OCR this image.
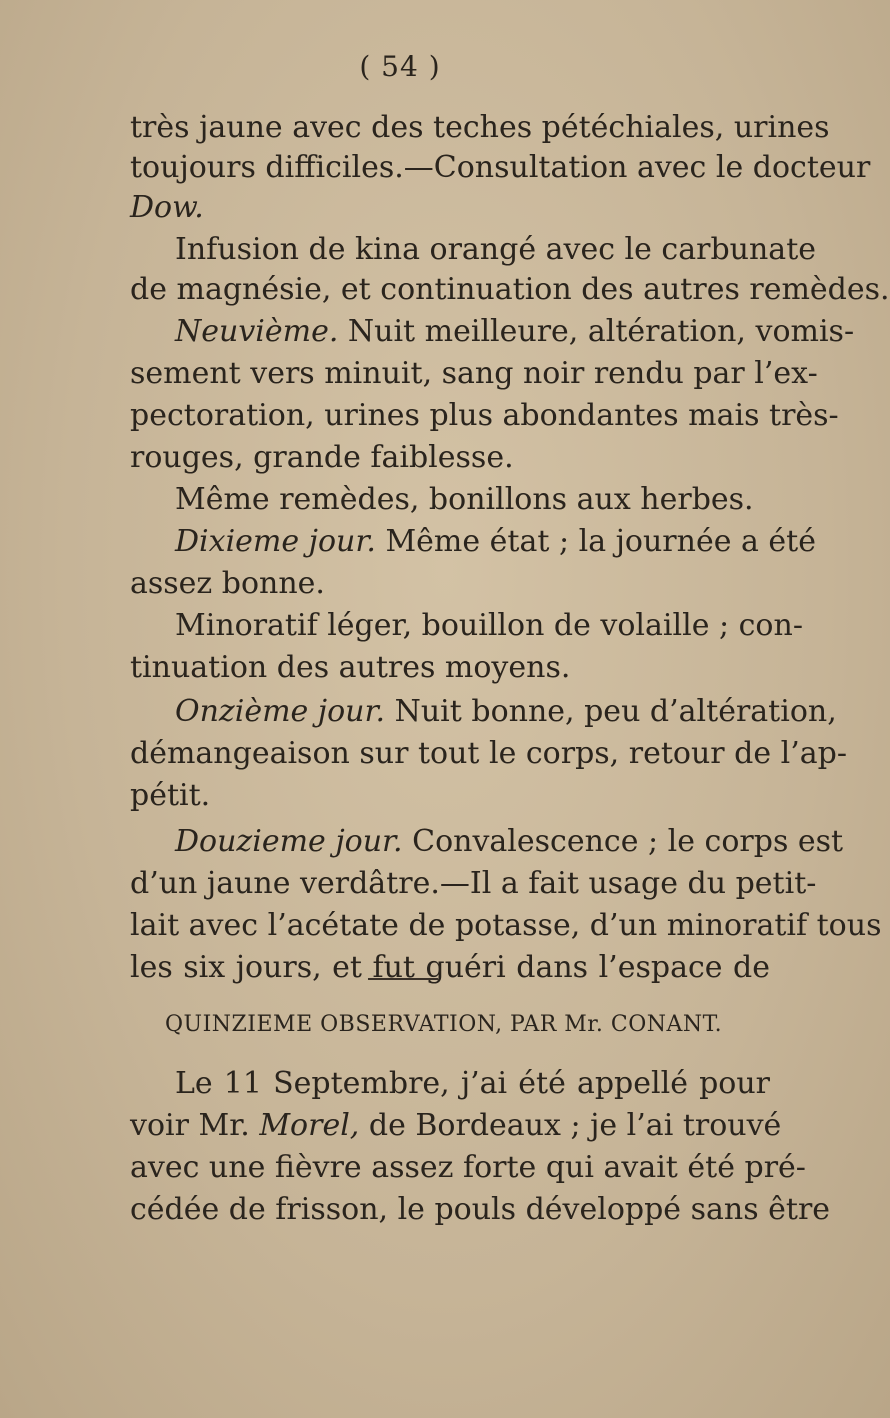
( 54 )
très jaune avec des teches pétéchiales, urines
toujours difficiles.—Consultation avec le docteur
Dow.
Infusion de kina orangé avec le carbunate
de magnésie, et continuation des autres remèdes.
Neuvième. Nuit meilleure, altération, vomis-
sement vers minuit, sang noir rendu par l’ex-
pectoration, urines plus abondantes mais très-
rouges, grande faiblesse.
Même remèdes, bonillons aux herbes.
Dixieme jour. Même état ; la journée a été
assez bonne.
Minoratif léger, bouillon de volaille ; con-
tinuation des autres moyens.
Onzième jour. Nuit bonne, peu d’altération,
démangeaison sur tout le corps, retour de l’ap-
pétit.
Douzieme jour. Convalescence ; le corps est
d’un jaune verdâtre.—Il a fait usage du petit-
lait avec l’acétate de potasse, d’un minoratif tous
les six jours, et fut guéri dans l’espace de
QUINZIEME OBSERVATION, PAR Mr. CONANT.
Le 11 Septembre, j’ai été appellé pour
voir Mr. Morel, de Bordeaux ; je l’ai trouvé
avec une fièvre assez forte qui avait été pré-
cédée de frisson, le pouls développé sans être
